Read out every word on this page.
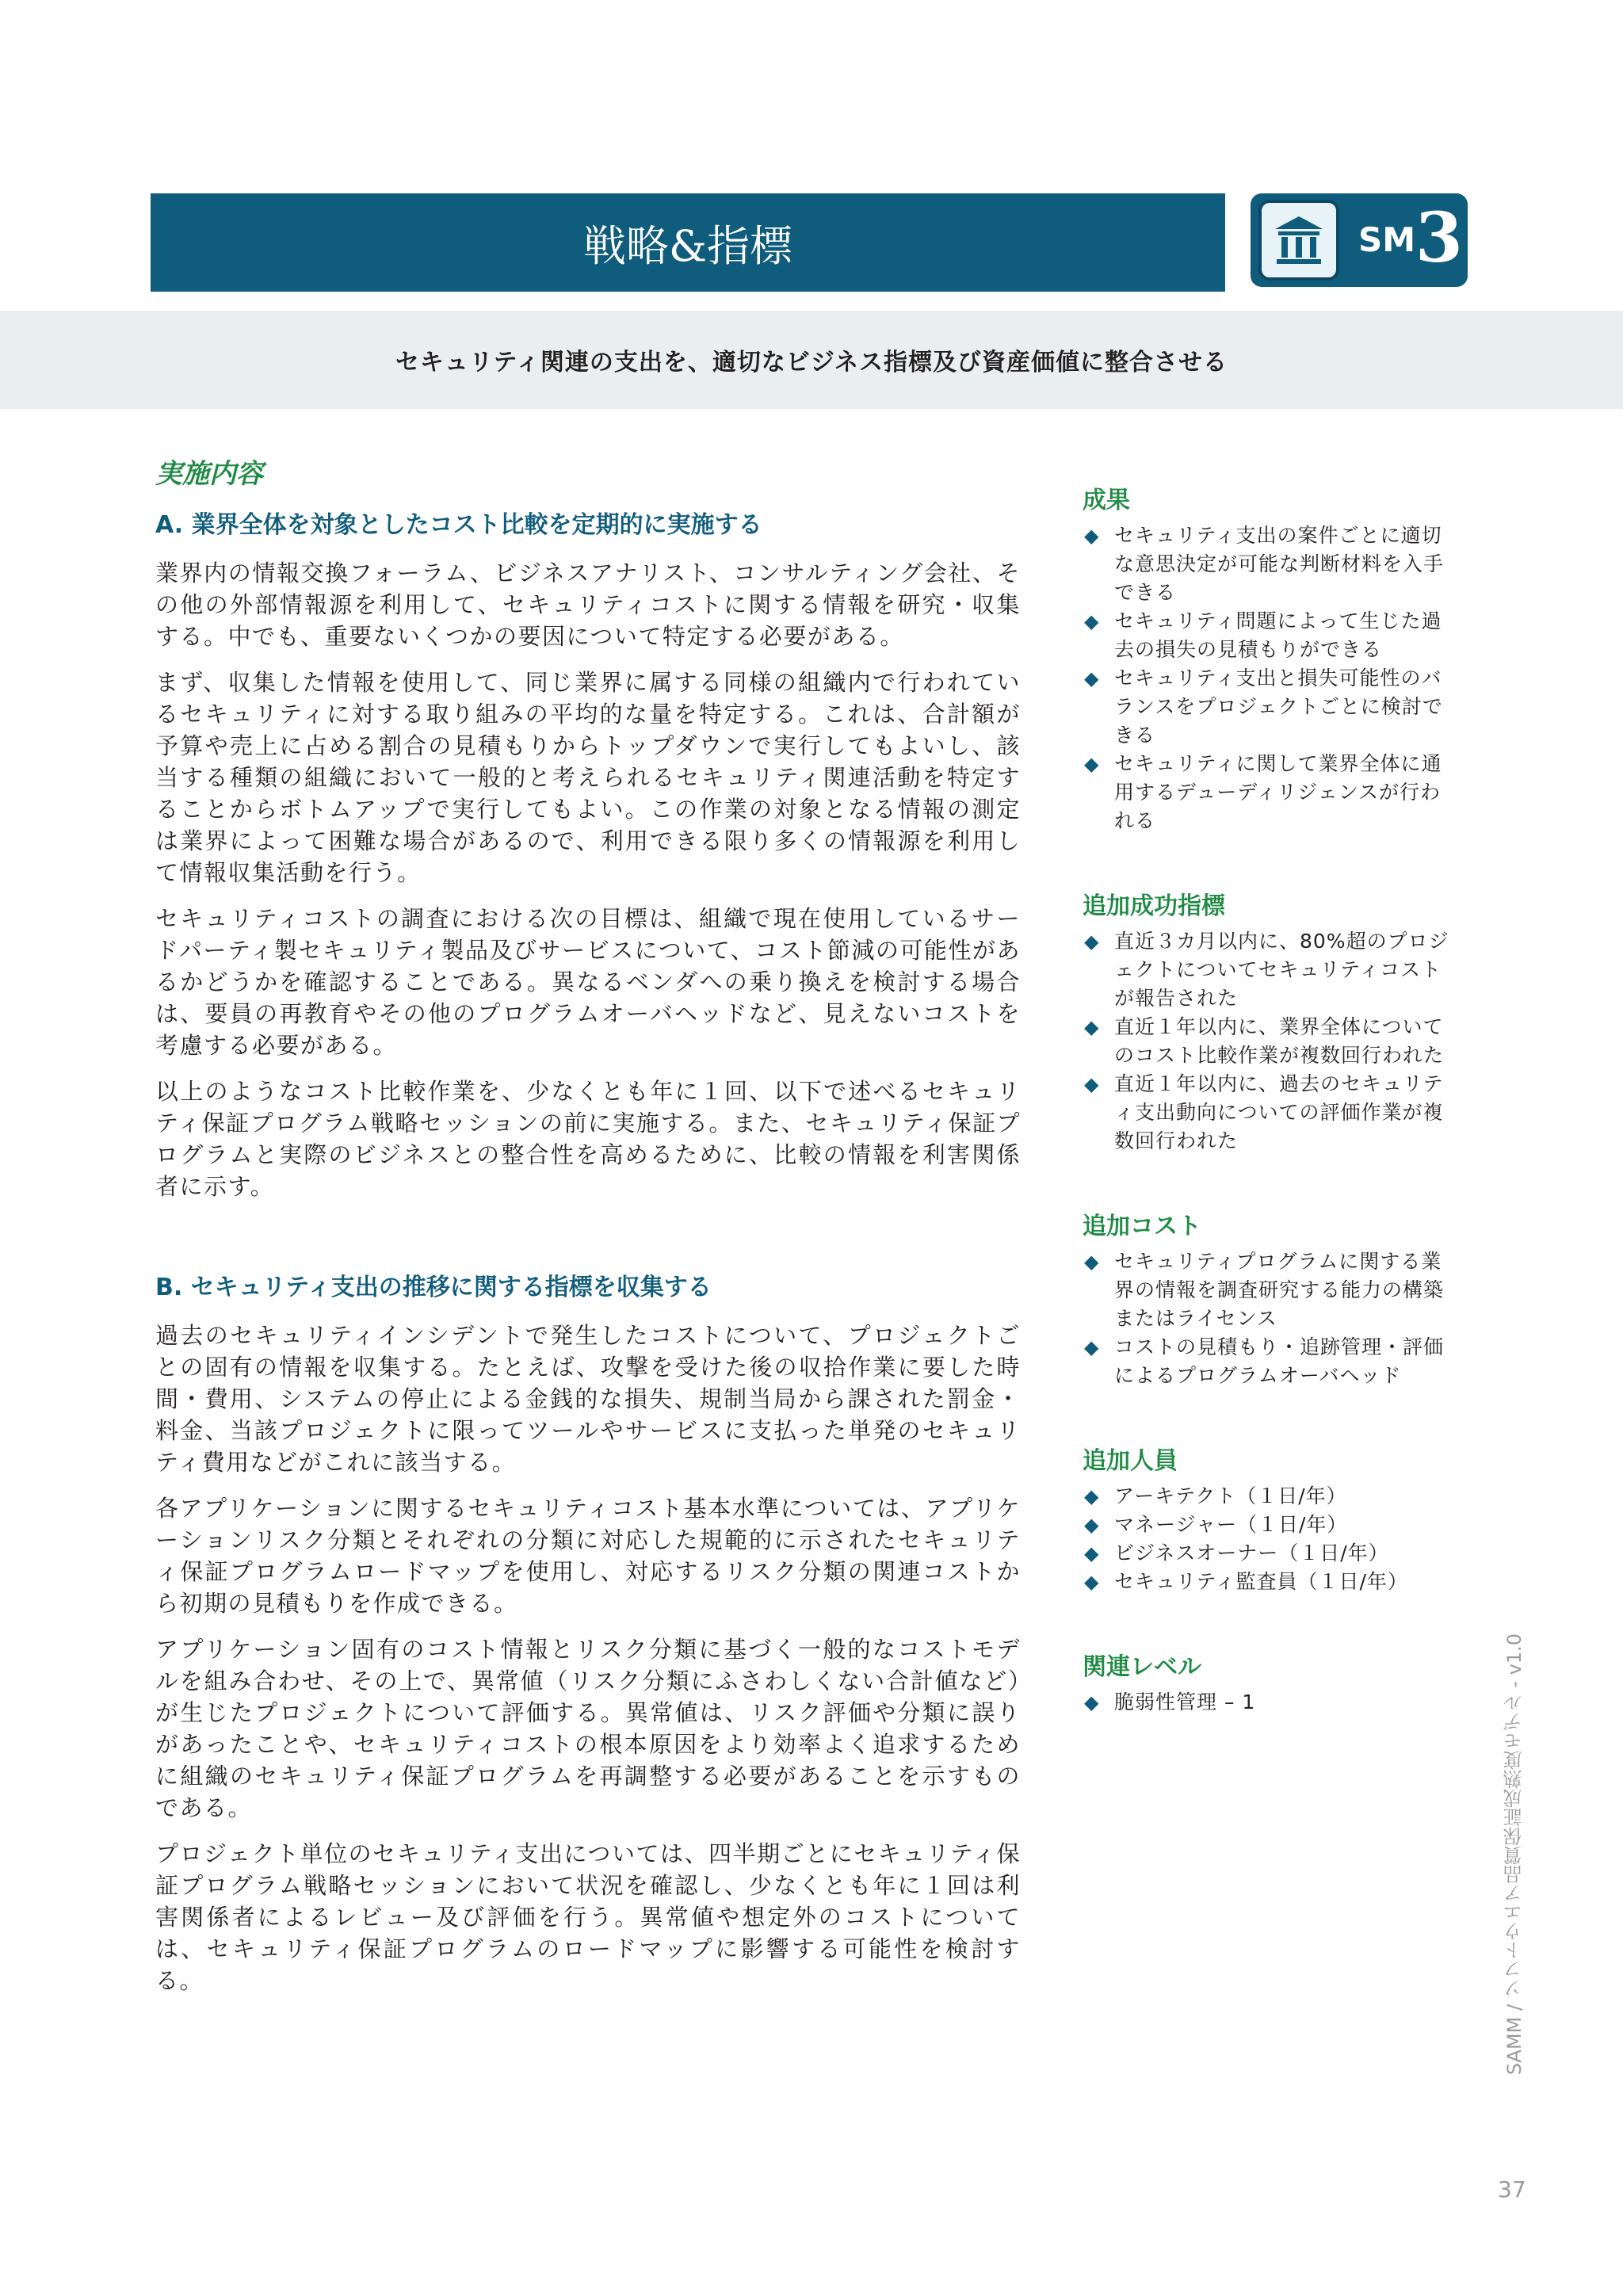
戦略&指標	SM 3
セキュリティ関連の支出を、適切なビジネス指標及び資産価値に整合させる
実施内容
A. 業界全体を対象としたコスト比較を定期的に実施する

業界内の情報交換フォーラム、ビジネスアナリスト、コンサルティング会社、その他の外部情報源を利用して、セキュリティコストに関する情報を研究・収集する。中でも、重要ないくつかの要因について特定する必要がある。

まず、収集した情報を使用して、同じ業界に属する同様の組織内で行われているセキュリティに対する取り組みの平均的な量を特定する。これは、合計額が予算や売上に占める割合の見積もりからトップダウンで実行してもよいし、該当する種類の組織において一般的と考えられるセキュリティ関連活動を特定することからボトムアップで実行してもよい。この作業の対象となる情報の測定は業界によって困難な場合があるので、利用できる限り多くの情報源を利用して情報収集活動を行う。

セキュリティコストの調査における次の目標は、組織で現在使用しているサードパーティ製セキュリティ製品及びサービスについて、コスト節減の可能性があるかどうかを確認することである。異なるベンダへの乗り換えを検討する場合は、要員の再教育やその他のプログラムオーバヘッドなど、見えないコストを考慮する必要がある。

以上のようなコスト比較作業を、少なくとも年に１回、以下で述べるセキュリティ保証プログラム戦略セッションの前に実施する。また、セキュリティ保証プログラムと実際のビジネスとの整合性を高めるために、比較の情報を利害関係者に示す。

B. セキュリティ支出の推移に関する指標を収集する

過去のセキュリティインシデントで発生したコストについて、プロジェクトごとの固有の情報を収集する。たとえば、攻撃を受けた後の収拾作業に要した時間・費用、システムの停止による金銭的な損失、規制当局から課された罰金・料金、当該プロジェクトに限ってツールやサービスに支払った単発のセキュリティ費用などがこれに該当する。

各アプリケーションに関するセキュリティコスト基本水準については、アプリケーションリスク分類とそれぞれの分類に対応した規範的に示されたセキュリティ保証プログラムロードマップを使用し、対応するリスク分類の関連コストから初期の見積もりを作成できる。

アプリケーション固有のコスト情報とリスク分類に基づく一般的なコストモデルを組み合わせ、その上で、異常値（リスク分類にふさわしくない合計値など）が生じたプロジェクトについて評価する。異常値は、リスク評価や分類に誤りがあったことや、セキュリティコストの根本原因をより効率よく追求するために組織のセキュリティ保証プログラムを再調整する必要があることを示すものである。

プロジェクト単位のセキュリティ支出については、四半期ごとにセキュリティ保証プログラム戦略セッションにおいて状況を確認し、少なくとも年に１回は利害関係者によるレビュー及び評価を行う。異常値や想定外のコストについては、セキュリティ保証プログラムのロードマップに影響する可能性を検討する。

成果
◆ セキュリティ支出の案件ごとに適切な意思決定が可能な判断材料を入手できる
◆ セキュリティ問題によって生じた過去の損失の見積もりができる
◆ セキュリティ支出と損失可能性のバランスをプロジェクトごとに検討できる
◆ セキュリティに関して業界全体に通用するデューディリジェンスが行われる
追加成功指標
◆ 直近３カ月以内に、80%超のプロジェクトについてセキュリティコストが報告された
◆ 直近１年以内に、業界全体についてのコスト比較作業が複数回行われた
◆ 直近１年以内に、過去のセキュリティ支出動向についての評価作業が複数回行われた
追加コスト
◆ セキュリティプログラムに関する業界の情報を調査研究する能力の構築またはライセンス
◆ コストの見積もり・追跡管理・評価によるプログラムオーバヘッド
追加人員
◆ アーキテクト（１日/年）
◆ マネージャー（１日/年）
◆ ビジネスオーナー（１日/年）
◆ セキュリティ監査員（１日/年）
関連レベル
◆ 脆弱性管理 – 1	SAMM / ソフトウエア品質保証成熟度モデル - v1.0
37
